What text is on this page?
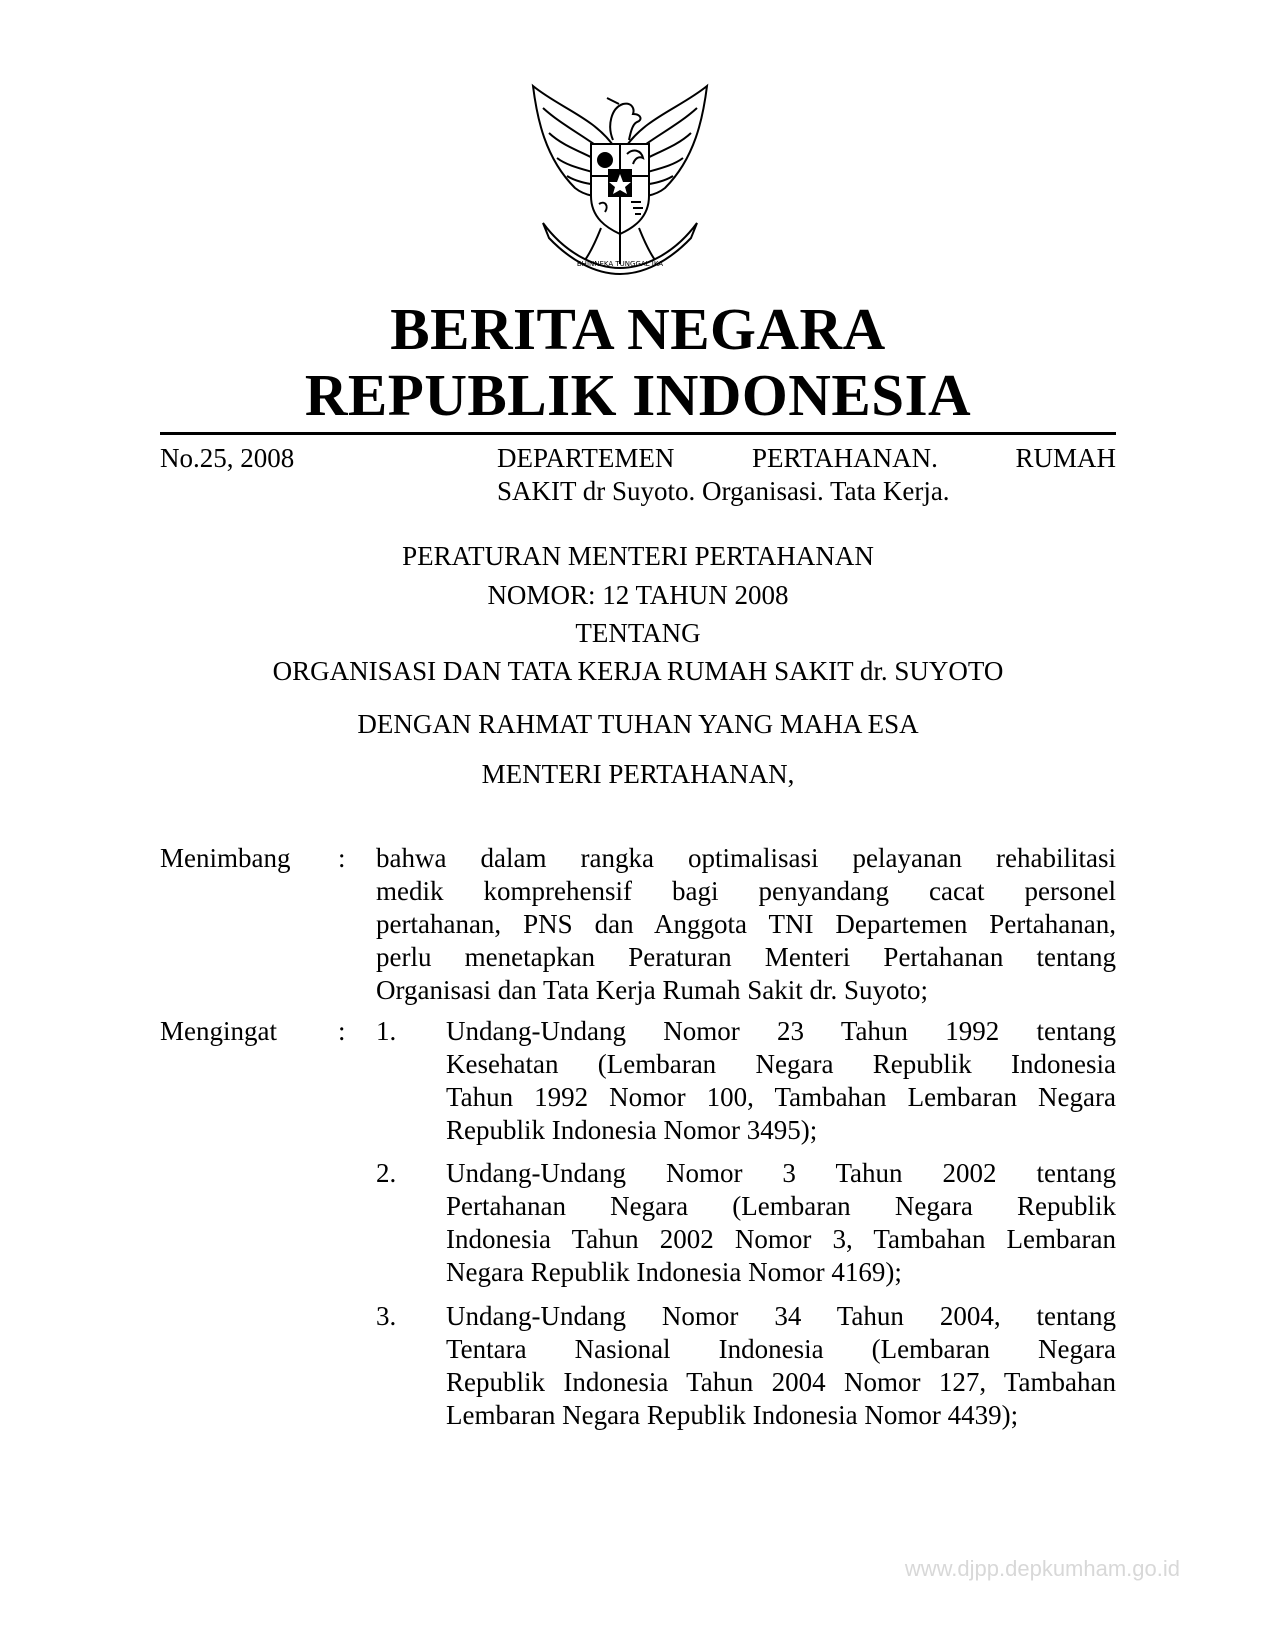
BHINNEKA TUNGGAL IKA
BERITA NEGARA
REPUBLIK INDONESIA
No.25, 2008	DEPARTEMEN PERTAHANAN. RUMAH
SAKIT dr Suyoto. Organisasi. Tata Kerja.
PERATURAN MENTERI PERTAHANAN
NOMOR: 12 TAHUN 2008
TENTANG
ORGANISASI DAN TATA KERJA RUMAH SAKIT dr. SUYOTO
DENGAN RAHMAT TUHAN YANG MAHA ESA
MENTERI PERTAHANAN,
Menimbang : bahwa dalam rangka optimalisasi pelayanan rehabilitasi
medik komprehensif bagi penyandang cacat personel
pertahanan, PNS dan Anggota TNI Departemen Pertahanan,
perlu menetapkan Peraturan Menteri Pertahanan tentang
Organisasi dan Tata Kerja Rumah Sakit dr. Suyoto;
Mengingat : 1. Undang-Undang Nomor 23 Tahun 1992 tentang
Kesehatan (Lembaran Negara Republik Indonesia
Tahun 1992 Nomor 100, Tambahan Lembaran Negara
Republik Indonesia Nomor 3495);
2. Undang-Undang Nomor 3 Tahun 2002 tentang
Pertahanan Negara (Lembaran Negara Republik
Indonesia Tahun 2002 Nomor 3, Tambahan Lembaran
Negara Republik Indonesia Nomor 4169);
3. Undang-Undang Nomor 34 Tahun 2004, tentang
Tentara Nasional Indonesia (Lembaran Negara
Republik Indonesia Tahun 2004 Nomor 127, Tambahan
Lembaran Negara Republik Indonesia Nomor 4439);
www.djpp.depkumham.go.id
